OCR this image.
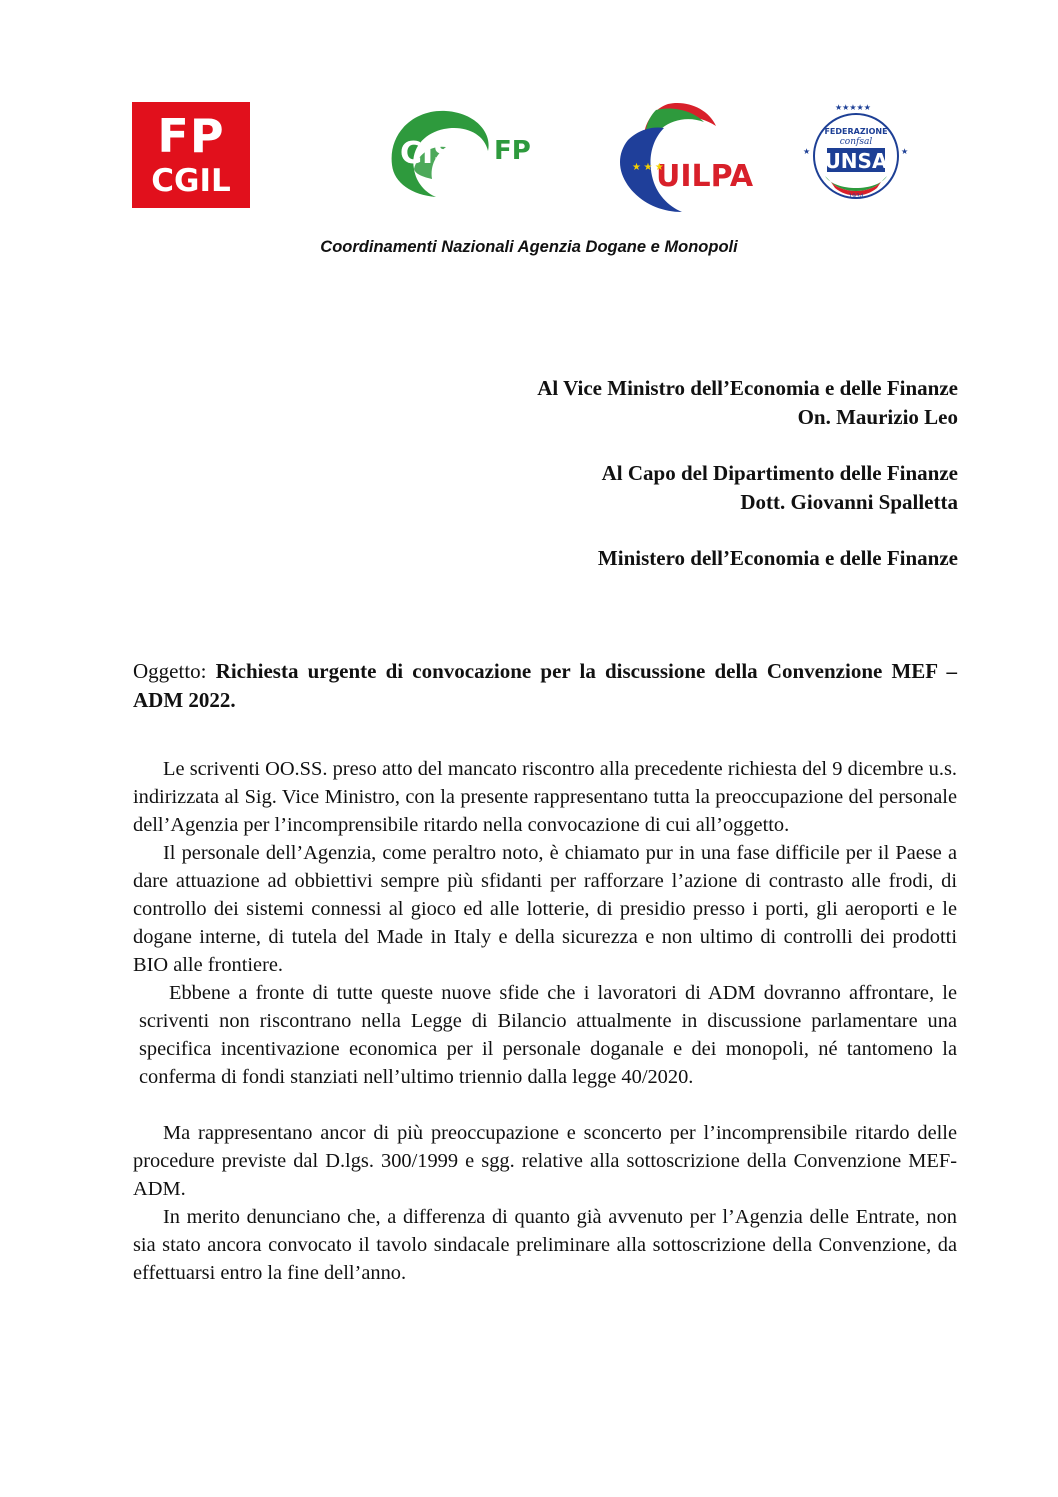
FP
CGIL
CISL FP
UILPA
★ ★ ★
★★★★★
FEDERAZIONE
confsal
UNSA
1934
★	★
Coordinamenti Nazionali Agenzia Dogane e Monopoli

Al Vice Ministro dell’Economia e delle Finanze

On. Maurizio Leo

Al Capo del Dipartimento delle Finanze

Dott. Giovanni Spalletta

Ministero dell’Economia e delle Finanze

Oggetto: Richiesta urgente di convocazione per la discussione della Convenzione MEF – ADM 2022.

Le scriventi OO.SS. preso atto del mancato riscontro alla precedente richiesta del 9 dicembre u.s. indirizzata al Sig. Vice Ministro, con la presente rappresentano tutta la preoccupazione del personale dell’Agenzia per l’incomprensibile ritardo nella convocazione di cui all’oggetto.

Il personale dell’Agenzia, come peraltro noto, è chiamato pur in una fase difficile per il Paese a dare attuazione ad obbiettivi sempre più sfidanti per rafforzare l’azione di contrasto alle frodi, di controllo dei sistemi connessi al gioco ed alle lotterie, di presidio presso i porti, gli aeroporti e le dogane interne, di tutela del Made in Italy e della sicurezza e non ultimo di controlli dei prodotti BIO alle frontiere.

Ebbene a fronte di tutte queste nuove sfide che i lavoratori di ADM dovranno affrontare, le scriventi non riscontrano nella Legge di Bilancio attualmente in discussione parlamentare una specifica incentivazione economica per il personale doganale e dei monopoli, né tantomeno la conferma di fondi stanziati nell’ultimo triennio dalla legge 40/2020.

Ma rappresentano ancor di più preoccupazione e sconcerto per l’incomprensibile ritardo delle procedure previste dal D.lgs. 300/1999 e sgg. relative alla sottoscrizione della Convenzione MEF-ADM.

In merito denunciano che, a differenza di quanto già avvenuto per l’Agenzia delle Entrate, non sia stato ancora convocato il tavolo sindacale preliminare alla sottoscrizione della Convenzione, da effettuarsi entro la fine dell’anno.
